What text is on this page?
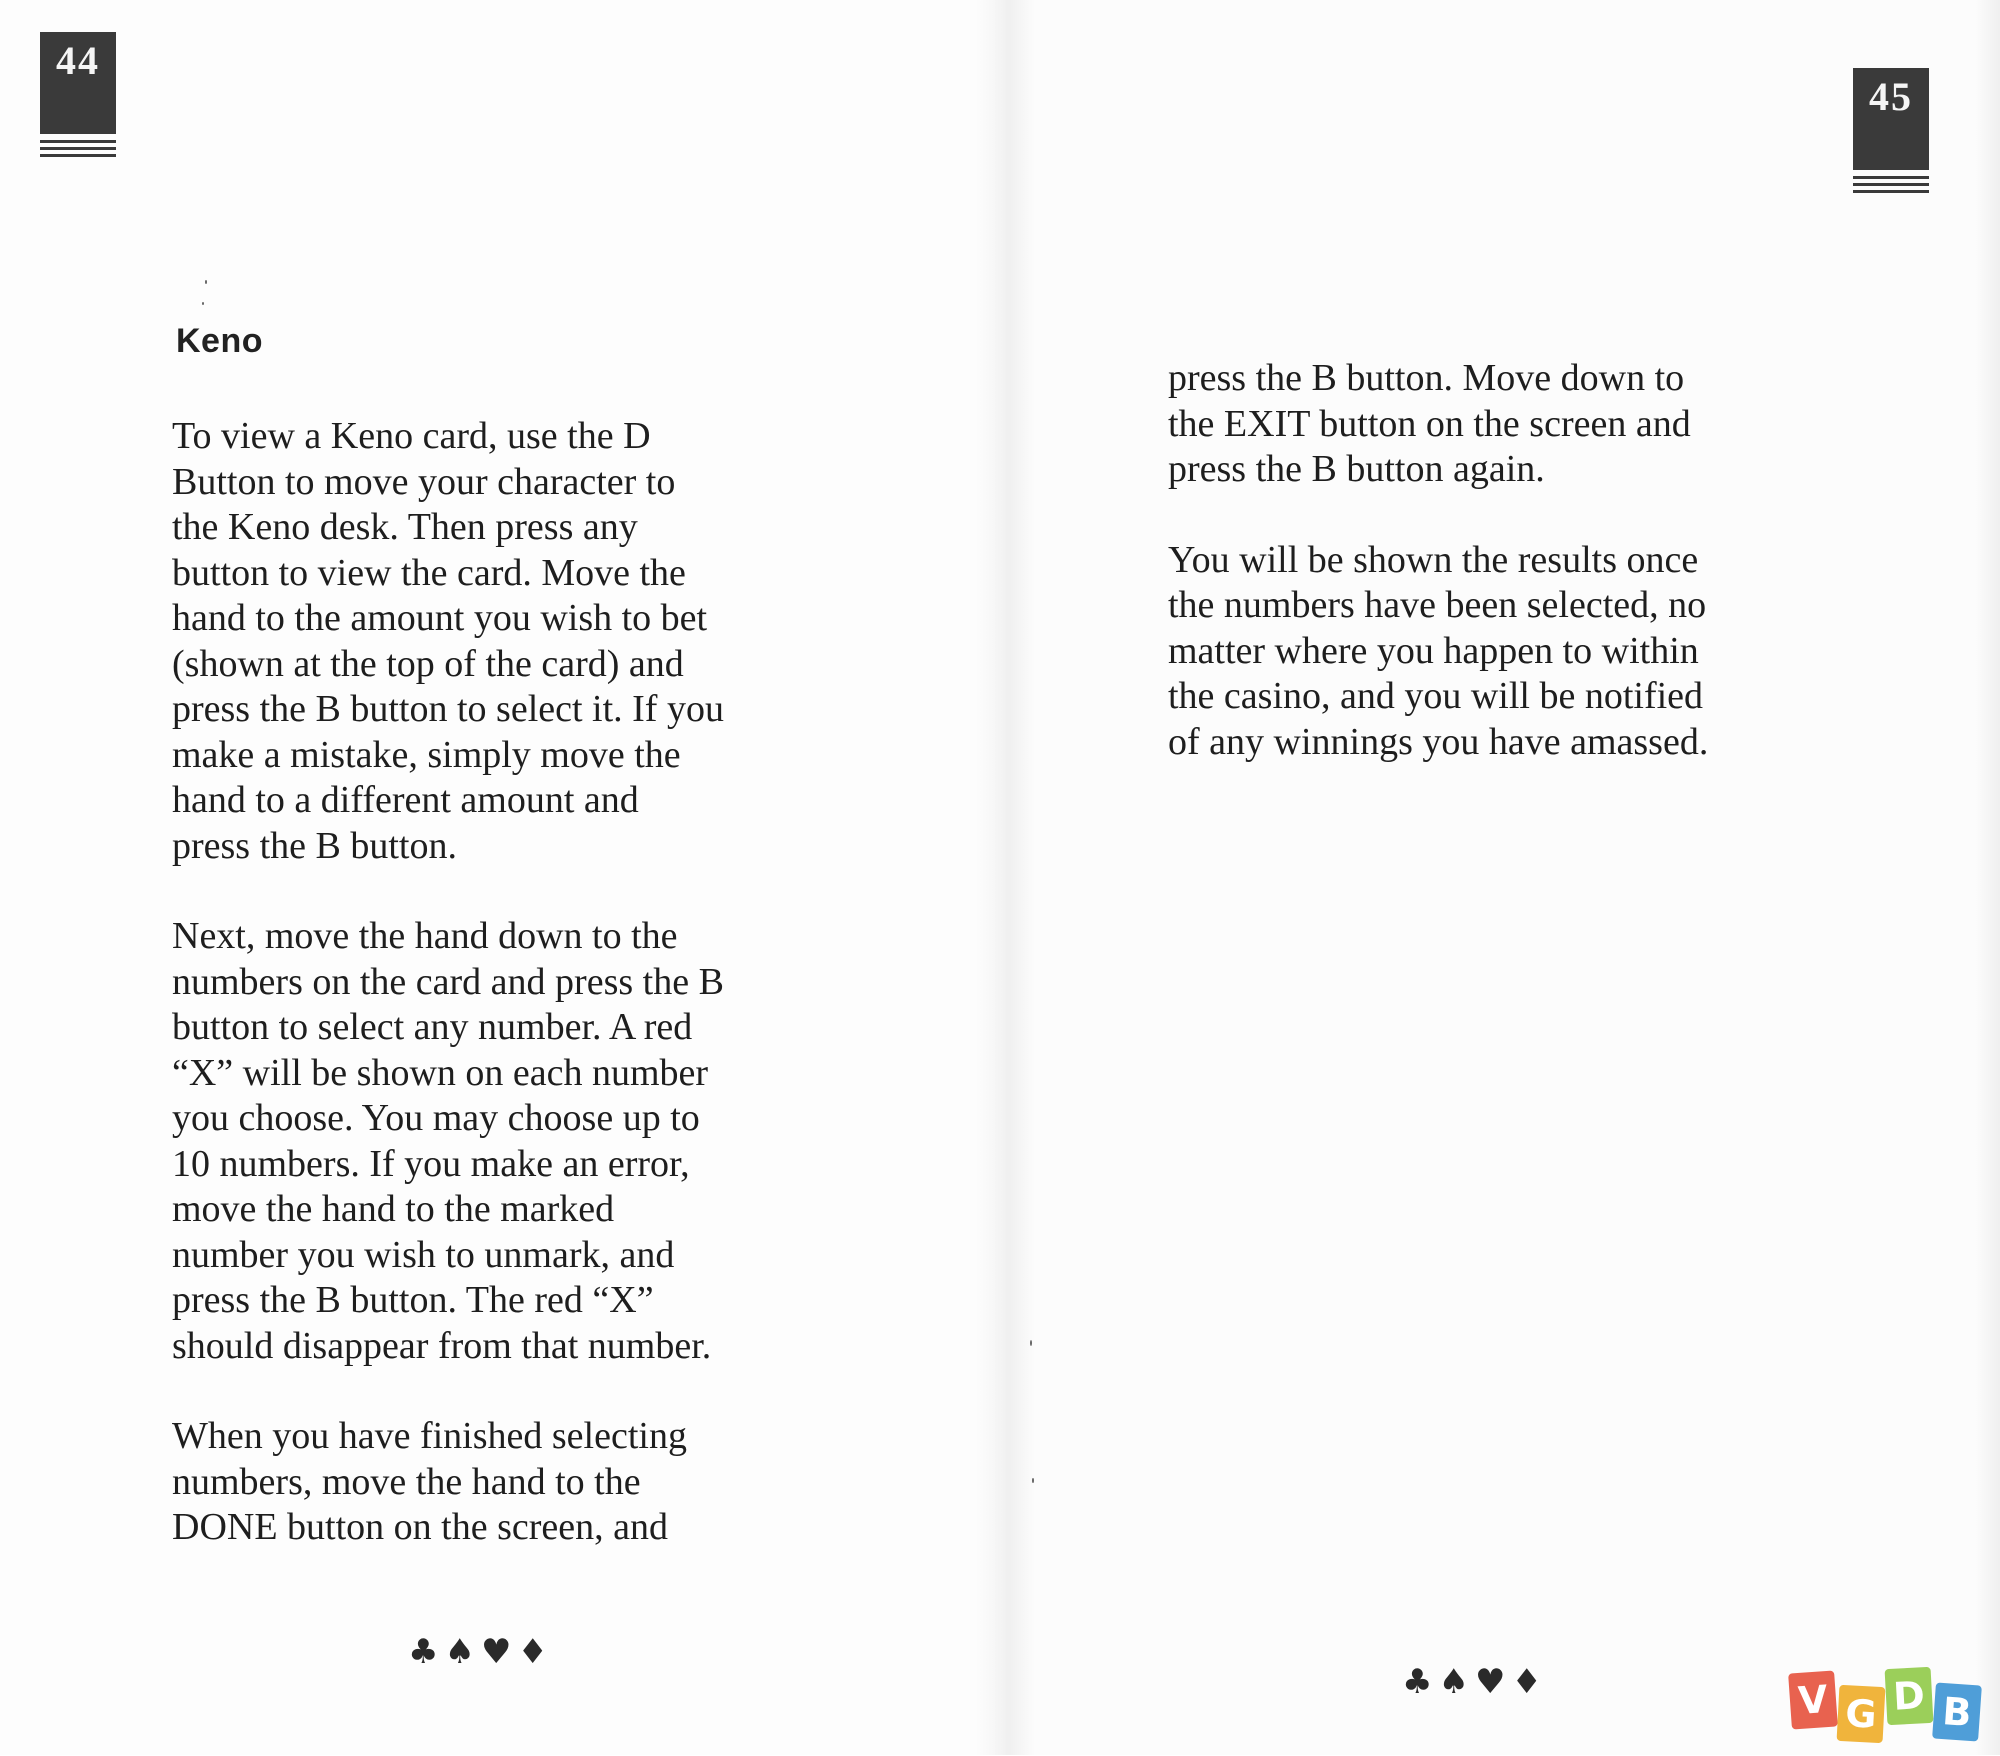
44
Keno
To view a Keno card, use the D
Button to move your character to
the Keno desk. Then press any
button to view the card. Move the
hand to the amount you wish to bet
(shown at the top of the card) and
press the B button to select it. If you
make a mistake, simply move the
hand to a different amount and
press the B button.
Next, move the hand down to the
numbers on the card and press the B
button to select any number. A red
“X” will be shown on each number
you choose. You may choose up to
10 numbers. If you make an error,
move the hand to the marked
number you wish to unmark, and
press the B button. The red “X”
should disappear from that number.
When you have finished selecting
numbers, move the hand to the
DONE button on the screen, and
♣♠♥♦
45
press the B button. Move down to
the EXIT button on the screen and
press the B button again.
You will be shown the results once
the numbers have been selected, no
matter where you happen to within
the casino, and you will be notified
of any winnings you have amassed.
♣♠♥♦	V G D B
